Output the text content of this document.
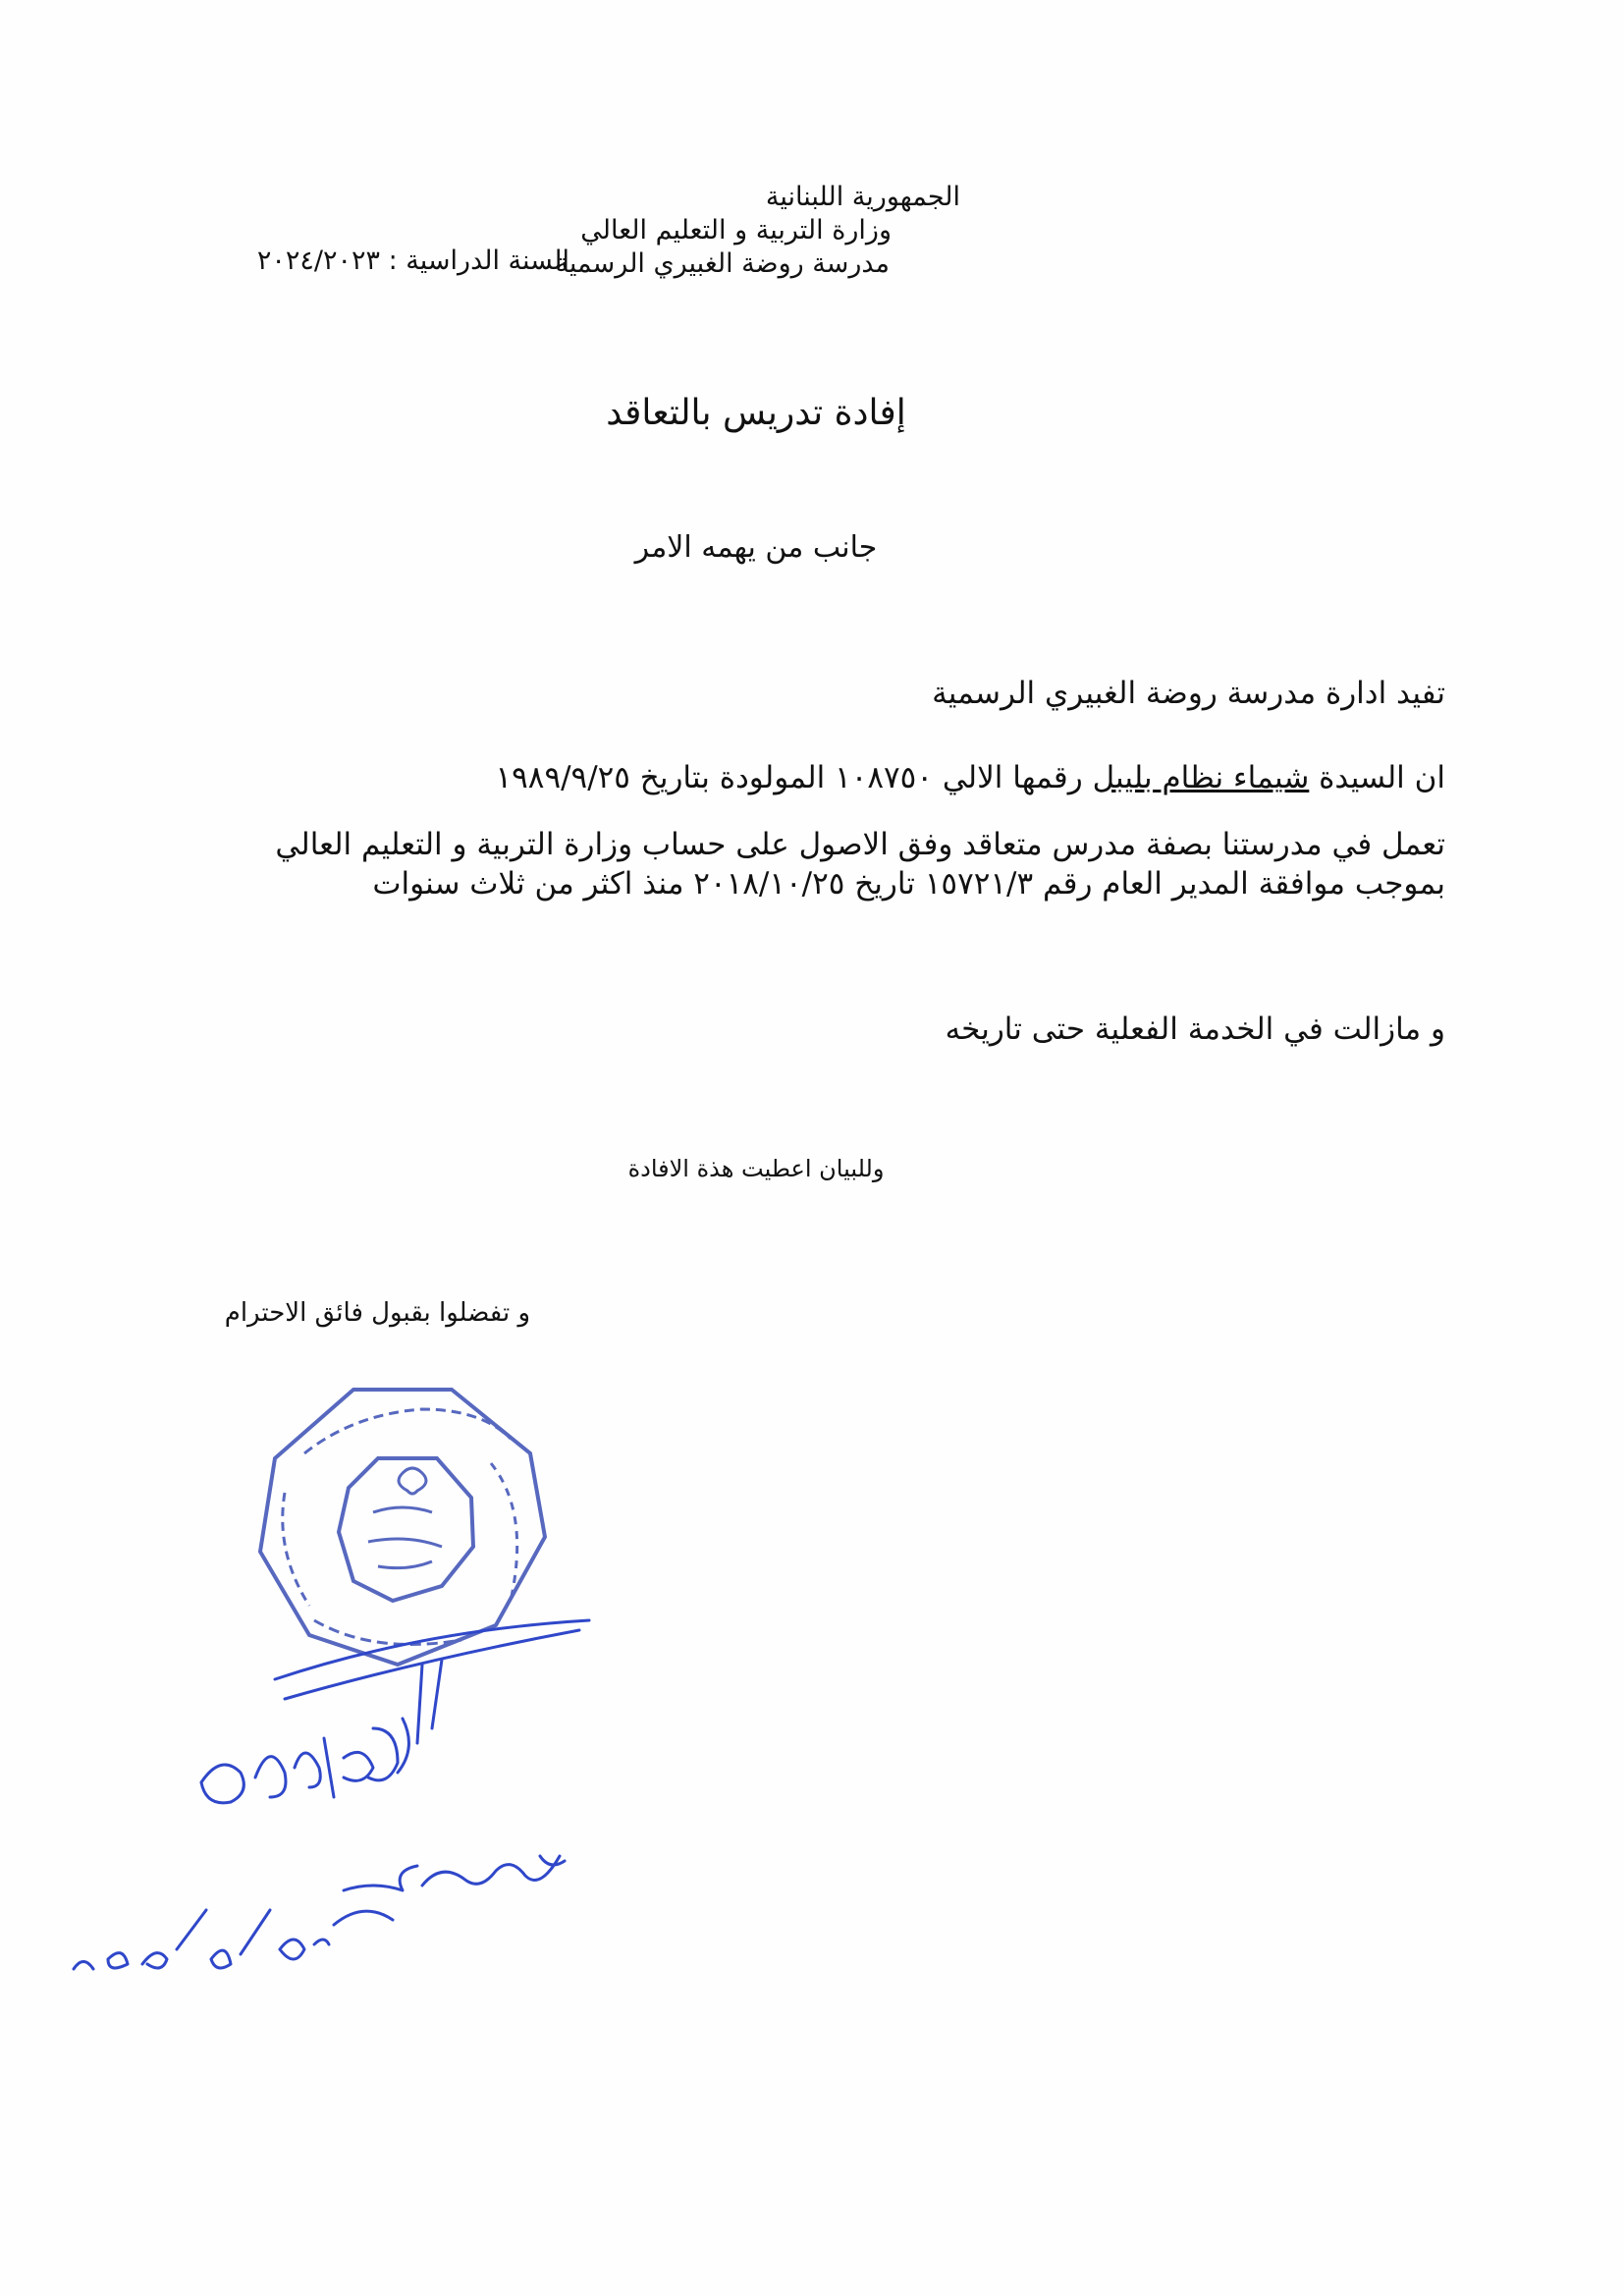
الجمهورية اللبنانية
وزارة التربية و التعليم العالي
مدرسة روضة الغبيري الرسمية
السنة الدراسية : ٢٠٢٤/٢٠٢٣
إفادة تدريس بالتعاقد
جانب من يهمه الامر
تفيد ادارة مدرسة روضة الغبيري الرسمية
ان السيدة شيماء نظام بليبل رقمها الالي ١٠٨٧٥٠ المولودة بتاريخ ١٩٨٩/٩/٢٥
تعمل في مدرستنا بصفة مدرس متعاقد وفق الاصول على حساب وزارة التربية و التعليم العالي بموجب موافقة المدير العام رقم ١٥٧٢١/٣ تاريخ ٢٠١٨/١٠/٢٥ منذ اكثر من ثلاث سنوات
و مازالت في الخدمة الفعلية حتى تاريخه
وللبيان اعطيت هذة الافادة
و تفضلوا بقبول فائق الاحترام
